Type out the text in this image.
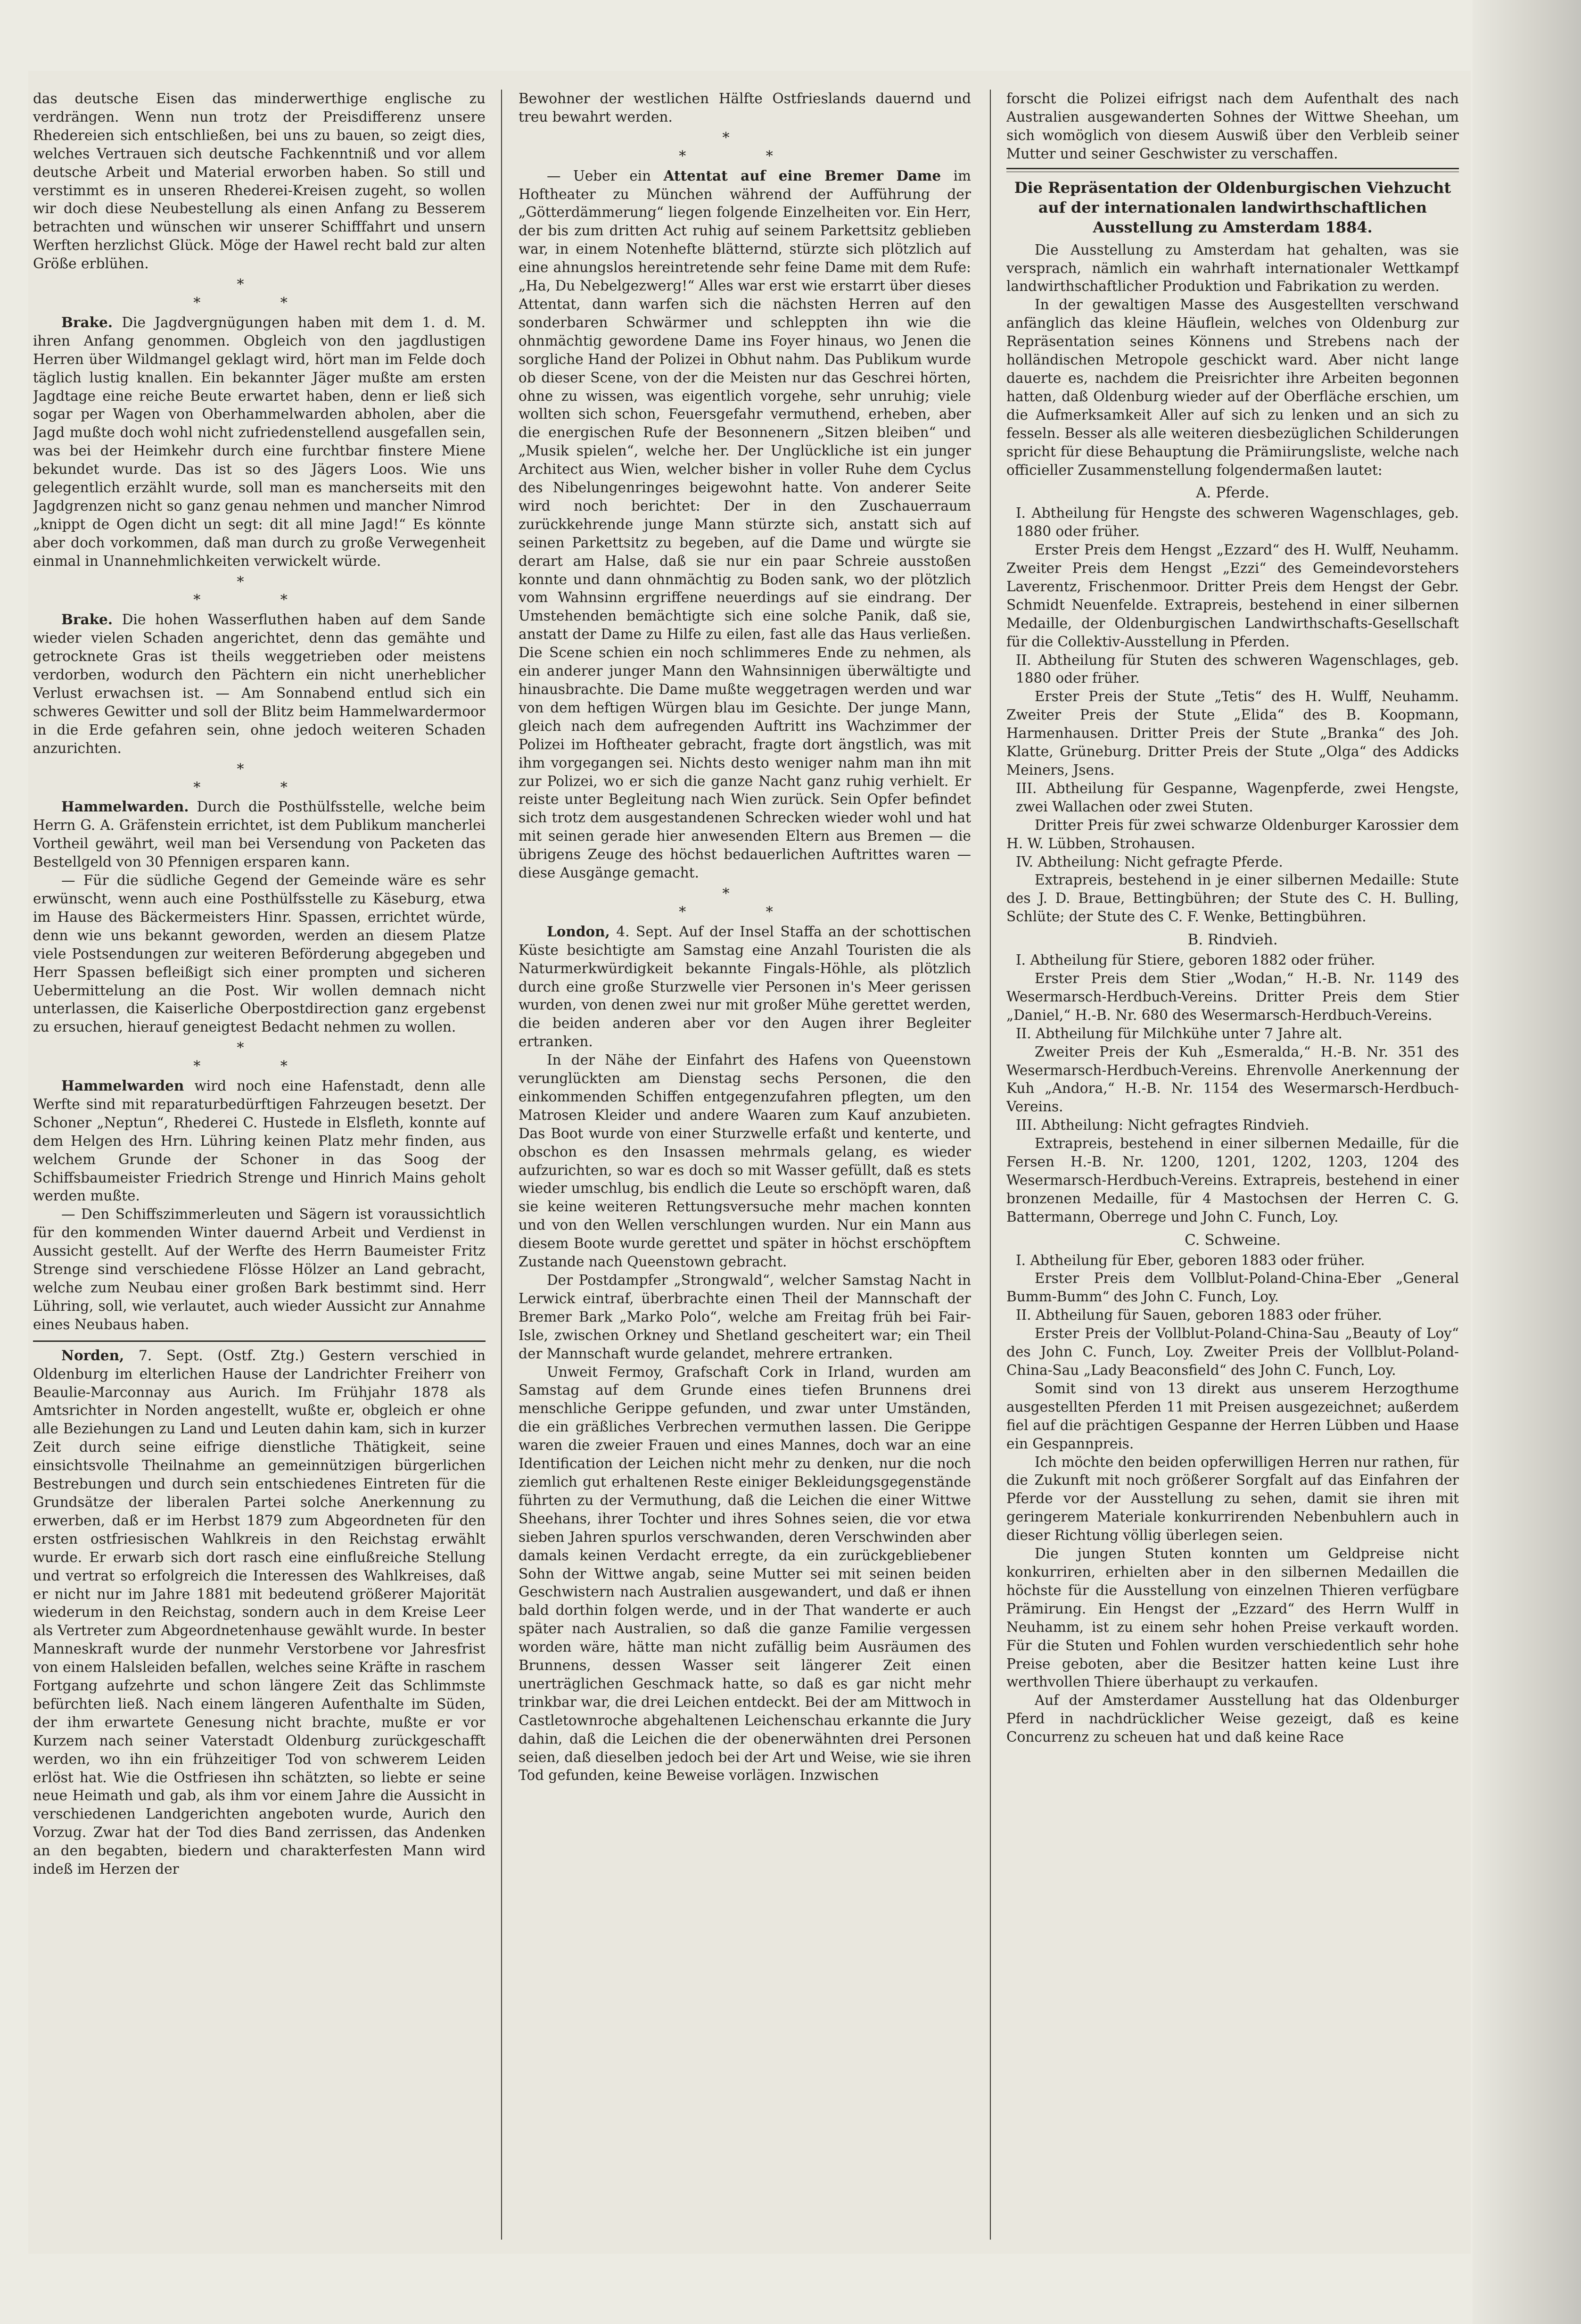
das deutsche Eisen das minderwerthige englische zu verdrängen. Wenn nun trotz der Preisdifferenz unsere Rhedereien sich entschließen, bei uns zu bauen, so zeigt dies, welches Vertrauen sich deutsche Fachkenntniß und vor allem deutsche Arbeit und Material erworben haben. So still und verstimmt es in unseren Rhederei-Kreisen zugeht, so wollen wir doch diese Neubestellung als einen Anfang zu Besserem betrachten und wünschen wir unserer Schifffahrt und unsern Werften herzlichst Glück. Möge der Hawel recht bald zur alten Größe erblühen.

*
* *

Brake. Die Jagdvergnügungen haben mit dem 1. d. M. ihren Anfang genommen. Obgleich von den jagdlustigen Herren über Wildmangel geklagt wird, hört man im Felde doch täglich lustig knallen. Ein bekannter Jäger mußte am ersten Jagdtage eine reiche Beute erwartet haben, denn er ließ sich sogar per Wagen von Oberhammelwarden abholen, aber die Jagd mußte doch wohl nicht zufriedenstellend ausgefallen sein, was bei der Heimkehr durch eine furchtbar finstere Miene bekundet wurde. Das ist so des Jägers Loos. Wie uns gelegentlich erzählt wurde, soll man es mancherseits mit den Jagdgrenzen nicht so ganz genau nehmen und mancher Nimrod „knippt de Ogen dicht un segt: dit all mine Jagd!“ Es könnte aber doch vorkommen, daß man durch zu große Verwegenheit einmal in Unannehmlichkeiten verwickelt würde.

*
* *

Brake. Die hohen Wasserfluthen haben auf dem Sande wieder vielen Schaden angerichtet, denn das gemähte und getrocknete Gras ist theils weggetrieben oder meistens verdorben, wodurch den Pächtern ein nicht unerheblicher Verlust erwachsen ist. — Am Sonnabend entlud sich ein schweres Gewitter und soll der Blitz beim Hammelwardermoor in die Erde gefahren sein, ohne jedoch weiteren Schaden anzurichten.

*
* *

Hammelwarden. Durch die Posthülfsstelle, welche beim Herrn G. A. Gräfenstein errichtet, ist dem Publikum mancherlei Vortheil gewährt, weil man bei Versendung von Packeten das Bestellgeld von 30 Pfennigen ersparen kann.

— Für die südliche Gegend der Gemeinde wäre es sehr erwünscht, wenn auch eine Posthülfsstelle zu Käseburg, etwa im Hause des Bäckermeisters Hinr. Spassen, errichtet würde, denn wie uns bekannt geworden, werden an diesem Platze viele Postsendungen zur weiteren Beförderung abgegeben und Herr Spassen befleißigt sich einer prompten und sicheren Uebermittelung an die Post. Wir wollen demnach nicht unterlassen, die Kaiserliche Oberpostdirection ganz ergebenst zu ersuchen, hierauf geneigtest Bedacht nehmen zu wollen.

*
* *

Hammelwarden wird noch eine Hafenstadt, denn alle Werfte sind mit reparaturbedürftigen Fahrzeugen besetzt. Der Schoner „Neptun“, Rhederei C. Hustede in Elsfleth, konnte auf dem Helgen des Hrn. Lühring keinen Platz mehr finden, aus welchem Grunde der Schoner in das Soog der Schiffsbaumeister Friedrich Strenge und Hinrich Mains geholt werden mußte.

— Den Schiffszimmerleuten und Sägern ist voraussichtlich für den kommenden Winter dauernd Arbeit und Verdienst in Aussicht gestellt. Auf der Werfte des Herrn Baumeister Fritz Strenge sind verschiedene Flösse Hölzer an Land gebracht, welche zum Neubau einer großen Bark bestimmt sind. Herr Lühring, soll, wie verlautet, auch wieder Aussicht zur Annahme eines Neubaus haben.

Norden, 7. Sept. (Ostf. Ztg.) Gestern verschied in Oldenburg im elterlichen Hause der Landrichter Freiherr von Beaulie-Marconnay aus Aurich. Im Frühjahr 1878 als Amtsrichter in Norden angestellt, wußte er, obgleich er ohne alle Beziehungen zu Land und Leuten dahin kam, sich in kurzer Zeit durch seine eifrige dienstliche Thätigkeit, seine einsichtsvolle Theilnahme an gemeinnützigen bürgerlichen Bestrebungen und durch sein entschiedenes Eintreten für die Grundsätze der liberalen Partei solche Anerkennung zu erwerben, daß er im Herbst 1879 zum Abgeordneten für den ersten ostfriesischen Wahlkreis in den Reichstag erwählt wurde. Er erwarb sich dort rasch eine einflußreiche Stellung und vertrat so erfolgreich die Interessen des Wahlkreises, daß er nicht nur im Jahre 1881 mit bedeutend größerer Majorität wiederum in den Reichstag, sondern auch in dem Kreise Leer als Vertreter zum Abgeordnetenhause gewählt wurde. In bester Manneskraft wurde der nunmehr Verstorbene vor Jahresfrist von einem Halsleiden befallen, welches seine Kräfte in raschem Fortgang aufzehrte und schon längere Zeit das Schlimmste befürchten ließ. Nach einem längeren Aufenthalte im Süden, der ihm erwartete Genesung nicht brachte, mußte er vor Kurzem nach seiner Vaterstadt Oldenburg zurückgeschafft werden, wo ihn ein frühzeitiger Tod von schwerem Leiden erlöst hat. Wie die Ostfriesen ihn schätzten, so liebte er seine neue Heimath und gab, als ihm vor einem Jahre die Aussicht in verschiedenen Landgerichten angeboten wurde, Aurich den Vorzug. Zwar hat der Tod dies Band zerrissen, das Andenken an den begabten, biedern und charakterfesten Mann wird indeß im Herzen der

Bewohner der westlichen Hälfte Ostfrieslands dauernd und treu bewahrt werden.

*
* *

— Ueber ein Attentat auf eine Bremer Dame im Hoftheater zu München während der Aufführung der „Götterdämmerung“ liegen folgende Einzelheiten vor. Ein Herr, der bis zum dritten Act ruhig auf seinem Parkettsitz geblieben war, in einem Notenhefte blätternd, stürzte sich plötzlich auf eine ahnungslos hereintretende sehr feine Dame mit dem Rufe: „Ha, Du Nebelgezwerg!“ Alles war erst wie erstarrt über dieses Attentat, dann warfen sich die nächsten Herren auf den sonderbaren Schwärmer und schleppten ihn wie die ohnmächtig gewordene Dame ins Foyer hinaus, wo Jenen die sorgliche Hand der Polizei in Obhut nahm. Das Publikum wurde ob dieser Scene, von der die Meisten nur das Geschrei hörten, ohne zu wissen, was eigentlich vorgehe, sehr unruhig; viele wollten sich schon, Feuersgefahr vermuthend, erheben, aber die energischen Rufe der Besonnenern „Sitzen bleiben“ und „Musik spielen“, welche her. Der Unglückliche ist ein junger Architect aus Wien, welcher bisher in voller Ruhe dem Cyclus des Nibelungenringes beigewohnt hatte. Von anderer Seite wird noch berichtet: Der in den Zuschauerraum zurückkehrende junge Mann stürzte sich, anstatt sich auf seinen Parkettsitz zu begeben, auf die Dame und würgte sie derart am Halse, daß sie nur ein paar Schreie ausstoßen konnte und dann ohnmächtig zu Boden sank, wo der plötzlich vom Wahnsinn ergriffene neuerdings auf sie eindrang. Der Umstehenden bemächtigte sich eine solche Panik, daß sie, anstatt der Dame zu Hilfe zu eilen, fast alle das Haus verließen. Die Scene schien ein noch schlimmeres Ende zu nehmen, als ein anderer junger Mann den Wahnsinnigen überwältigte und hinausbrachte. Die Dame mußte weggetragen werden und war von dem heftigen Würgen blau im Gesichte. Der junge Mann, gleich nach dem aufregenden Auftritt ins Wachzimmer der Polizei im Hoftheater gebracht, fragte dort ängstlich, was mit ihm vorgegangen sei. Nichts desto weniger nahm man ihn mit zur Polizei, wo er sich die ganze Nacht ganz ruhig verhielt. Er reiste unter Begleitung nach Wien zurück. Sein Opfer befindet sich trotz dem ausgestandenen Schrecken wieder wohl und hat mit seinen gerade hier anwesenden Eltern aus Bremen — die übrigens Zeuge des höchst bedauerlichen Auftrittes waren — diese Ausgänge gemacht.

*
* *

London, 4. Sept. Auf der Insel Staffa an der schottischen Küste besichtigte am Samstag eine Anzahl Touristen die als Naturmerkwürdigkeit bekannte Fingals-Höhle, als plötzlich durch eine große Sturzwelle vier Personen in's Meer gerissen wurden, von denen zwei nur mit großer Mühe gerettet werden, die beiden anderen aber vor den Augen ihrer Begleiter ertranken.

In der Nähe der Einfahrt des Hafens von Queenstown verunglückten am Dienstag sechs Personen, die den einkommenden Schiffen entgegenzufahren pflegten, um den Matrosen Kleider und andere Waaren zum Kauf anzubieten. Das Boot wurde von einer Sturzwelle erfaßt und kenterte, und obschon es den Insassen mehrmals gelang, es wieder aufzurichten, so war es doch so mit Wasser gefüllt, daß es stets wieder umschlug, bis endlich die Leute so erschöpft waren, daß sie keine weiteren Rettungsversuche mehr machen konnten und von den Wellen verschlungen wurden. Nur ein Mann aus diesem Boote wurde gerettet und später in höchst erschöpftem Zustande nach Queenstown gebracht.

Der Postdampfer „Strongwald“, welcher Samstag Nacht in Lerwick eintraf, überbrachte einen Theil der Mannschaft der Bremer Bark „Marko Polo“, welche am Freitag früh bei Fair-Isle, zwischen Orkney und Shetland gescheitert war; ein Theil der Mannschaft wurde gelandet, mehrere ertranken.

Unweit Fermoy, Grafschaft Cork in Irland, wurden am Samstag auf dem Grunde eines tiefen Brunnens drei menschliche Gerippe gefunden, und zwar unter Umständen, die ein gräßliches Verbrechen vermuthen lassen. Die Gerippe waren die zweier Frauen und eines Mannes, doch war an eine Identification der Leichen nicht mehr zu denken, nur die noch ziemlich gut erhaltenen Reste einiger Bekleidungsgegenstände führten zu der Vermuthung, daß die Leichen die einer Wittwe Sheehans, ihrer Tochter und ihres Sohnes seien, die vor etwa sieben Jahren spurlos verschwanden, deren Verschwinden aber damals keinen Verdacht erregte, da ein zurückgebliebener Sohn der Wittwe angab, seine Mutter sei mit seinen beiden Geschwistern nach Australien ausgewandert, und daß er ihnen bald dorthin folgen werde, und in der That wanderte er auch später nach Australien, so daß die ganze Familie vergessen worden wäre, hätte man nicht zufällig beim Ausräumen des Brunnens, dessen Wasser seit längerer Zeit einen unerträglichen Geschmack hatte, so daß es gar nicht mehr trinkbar war, die drei Leichen entdeckt. Bei der am Mittwoch in Castletownroche abgehaltenen Leichenschau erkannte die Jury dahin, daß die Leichen die der obenerwähnten drei Personen seien, daß dieselben jedoch bei der Art und Weise, wie sie ihren Tod gefunden, keine Beweise vorlägen. Inzwischen

forscht die Polizei eifrigst nach dem Aufenthalt des nach Australien ausgewanderten Sohnes der Wittwe Sheehan, um sich womöglich von diesem Auswiß über den Verbleib seiner Mutter und seiner Geschwister zu verschaffen.

Die Repräsentation der Oldenburgischen Viehzucht auf der internationalen landwirthschaftlichen Ausstellung zu Amsterdam 1884.

Die Ausstellung zu Amsterdam hat gehalten, was sie versprach, nämlich ein wahrhaft internationaler Wettkampf landwirthschaftlicher Produktion und Fabrikation zu werden.

In der gewaltigen Masse des Ausgestellten verschwand anfänglich das kleine Häuflein, welches von Oldenburg zur Repräsentation seines Könnens und Strebens nach der holländischen Metropole geschickt ward. Aber nicht lange dauerte es, nachdem die Preisrichter ihre Arbeiten begonnen hatten, daß Oldenburg wieder auf der Oberfläche erschien, um die Aufmerksamkeit Aller auf sich zu lenken und an sich zu fesseln. Besser als alle weiteren diesbezüglichen Schilderungen spricht für diese Behauptung die Prämiirungsliste, welche nach officieller Zusammenstellung folgendermaßen lautet:

A. Pferde.

I. Abtheilung für Hengste des schweren Wagenschlages, geb. 1880 oder früher.

Erster Preis dem Hengst „Ezzard“ des H. Wulff, Neuhamm. Zweiter Preis dem Hengst „Ezzi“ des Gemeindevorstehers Laverentz, Frischenmoor. Dritter Preis dem Hengst der Gebr. Schmidt Neuenfelde. Extrapreis, bestehend in einer silbernen Medaille, der Oldenburgischen Landwirthschafts-Gesellschaft für die Collektiv-Ausstellung in Pferden.

II. Abtheilung für Stuten des schweren Wagenschlages, geb. 1880 oder früher.

Erster Preis der Stute „Tetis“ des H. Wulff, Neuhamm. Zweiter Preis der Stute „Elida“ des B. Koopmann, Harmenhausen. Dritter Preis der Stute „Branka“ des Joh. Klatte, Grüneburg. Dritter Preis der Stute „Olga“ des Addicks Meiners, Jsens.

III. Abtheilung für Gespanne, Wagenpferde, zwei Hengste, zwei Wallachen oder zwei Stuten.

Dritter Preis für zwei schwarze Oldenburger Karossier dem H. W. Lübben, Strohausen.

IV. Abtheilung: Nicht gefragte Pferde.

Extrapreis, bestehend in je einer silbernen Medaille: Stute des J. D. Braue, Bettingbühren; der Stute des C. H. Bulling, Schlüte; der Stute des C. F. Wenke, Bettingbühren.

B. Rindvieh.

I. Abtheilung für Stiere, geboren 1882 oder früher.

Erster Preis dem Stier „Wodan,“ H.-B. Nr. 1149 des Wesermarsch-Herdbuch-Vereins. Dritter Preis dem Stier „Daniel,“ H.-B. Nr. 680 des Wesermarsch-Herdbuch-Vereins.

II. Abtheilung für Milchkühe unter 7 Jahre alt.

Zweiter Preis der Kuh „Esmeralda,“ H.-B. Nr. 351 des Wesermarsch-Herdbuch-Vereins. Ehrenvolle Anerkennung der Kuh „Andora,“ H.-B. Nr. 1154 des Wesermarsch-Herdbuch-Vereins.

III. Abtheilung: Nicht gefragtes Rindvieh.

Extrapreis, bestehend in einer silbernen Medaille, für die Fersen H.-B. Nr. 1200, 1201, 1202, 1203, 1204 des Wesermarsch-Herdbuch-Vereins. Extrapreis, bestehend in einer bronzenen Medaille, für 4 Mastochsen der Herren C. G. Battermann, Oberrege und John C. Funch, Loy.

C. Schweine.

I. Abtheilung für Eber, geboren 1883 oder früher.

Erster Preis dem Vollblut-Poland-China-Eber „General Bumm-Bumm“ des John C. Funch, Loy.

II. Abtheilung für Sauen, geboren 1883 oder früher.

Erster Preis der Vollblut-Poland-China-Sau „Beauty of Loy“ des John C. Funch, Loy. Zweiter Preis der Vollblut-Poland-China-Sau „Lady Beaconsfield“ des John C. Funch, Loy.

Somit sind von 13 direkt aus unserem Herzogthume ausgestellten Pferden 11 mit Preisen ausgezeichnet; außerdem fiel auf die prächtigen Gespanne der Herren Lübben und Haase ein Gespannpreis.

Ich möchte den beiden opferwilligen Herren nur rathen, für die Zukunft mit noch größerer Sorgfalt auf das Einfahren der Pferde vor der Ausstellung zu sehen, damit sie ihren mit geringerem Materiale konkurrirenden Nebenbuhlern auch in dieser Richtung völlig überlegen seien.

Die jungen Stuten konnten um Geldpreise nicht konkurriren, erhielten aber in den silbernen Medaillen die höchste für die Ausstellung von einzelnen Thieren verfügbare Prämirung. Ein Hengst der „Ezzard“ des Herrn Wulff in Neuhamm, ist zu einem sehr hohen Preise verkauft worden. Für die Stuten und Fohlen wurden verschiedentlich sehr hohe Preise geboten, aber die Besitzer hatten keine Lust ihre werthvollen Thiere überhaupt zu verkaufen.

Auf der Amsterdamer Ausstellung hat das Oldenburger Pferd in nachdrücklicher Weise gezeigt, daß es keine Concurrenz zu scheuen hat und daß keine Race
